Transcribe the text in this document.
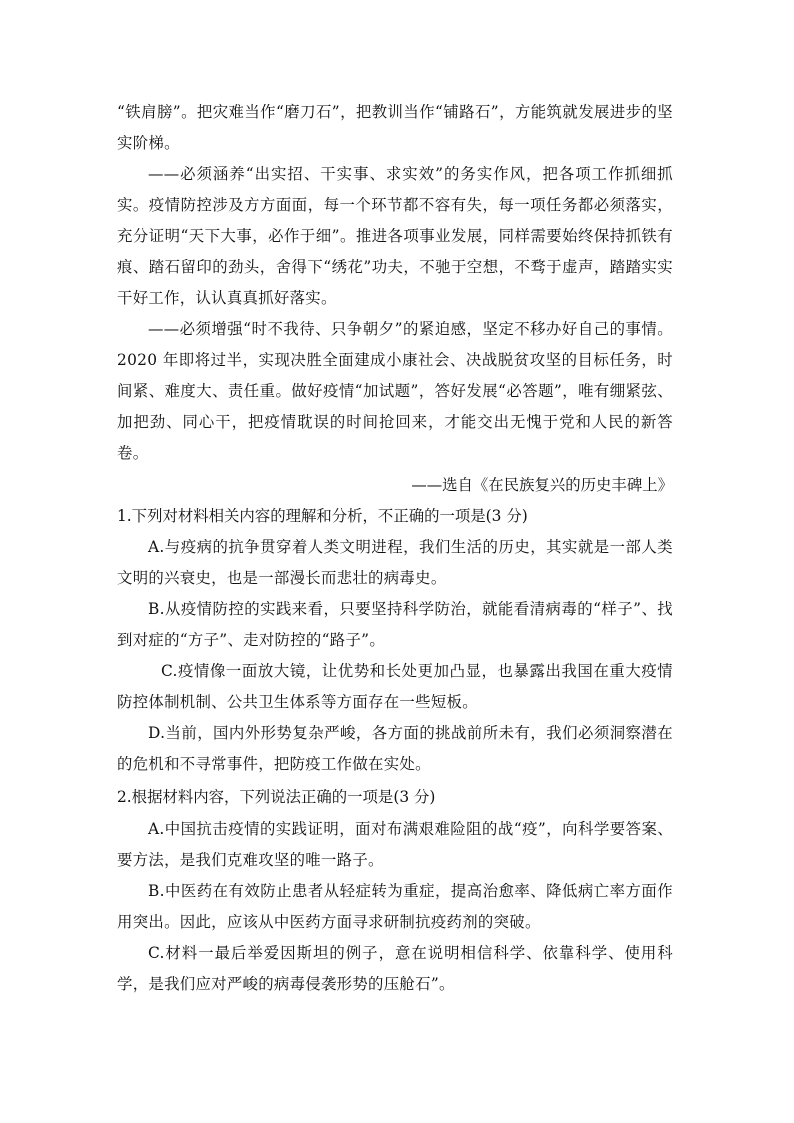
“铁肩膀”。把灾难当作“磨刀石”，把教训当作“铺路石”，方能筑就发展进步的坚实阶梯。

——必须涵养“出实招、干实事、求实效”的务实作风，把各项工作抓细抓实。疫情防控涉及方方面面，每一个环节都不容有失，每一项任务都必须落实，充分证明“天下大事，必作于细”。推进各项事业发展，同样需要始终保持抓铁有痕、踏石留印的劲头，舍得下“绣花”功夫，不驰于空想，不骛于虚声，踏踏实实干好工作，认认真真抓好落实。

——必须增强“时不我待、只争朝夕”的紧迫感，坚定不移办好自己的事情。2020 年即将过半，实现决胜全面建成小康社会、决战脱贫攻坚的目标任务，时间紧、难度大、责任重。做好疫情“加试题”，答好发展“必答题”，唯有绷紧弦、加把劲、同心干，把疫情耽误的时间抢回来，才能交出无愧于党和人民的新答卷。

——选自《在民族复兴的历史丰碑上》

1.下列对材料相关内容的理解和分析，不正确的一项是(3 分)

A.与疫病的抗争贯穿着人类文明进程，我们生活的历史，其实就是一部人类文明的兴衰史，也是一部漫长而悲壮的病毒史。

B.从疫情防控的实践来看，只要坚持科学防治，就能看清病毒的“样子”、找到对症的“方子”、走对防控的“路子”。

C.疫情像一面放大镜，让优势和长处更加凸显，也暴露出我国在重大疫情防控体制机制、公共卫生体系等方面存在一些短板。

D.当前，国内外形势复杂严峻，各方面的挑战前所未有，我们必须洞察潜在的危机和不寻常事件，把防疫工作做在实处。

2.根据材料内容，下列说法正确的一项是(3 分)

A.中国抗击疫情的实践证明，面对布满艰难险阻的战“疫”，向科学要答案、要方法，是我们克难攻坚的唯一路子。

B.中医药在有效防止患者从轻症转为重症，提高治愈率、降低病亡率方面作用突出。因此，应该从中医药方面寻求研制抗疫药剂的突破。

C.材料一最后举爱因斯坦的例子，意在说明相信科学、依靠科学、使用科学，是我们应对严峻的病毒侵袭形势的压舱石”。
